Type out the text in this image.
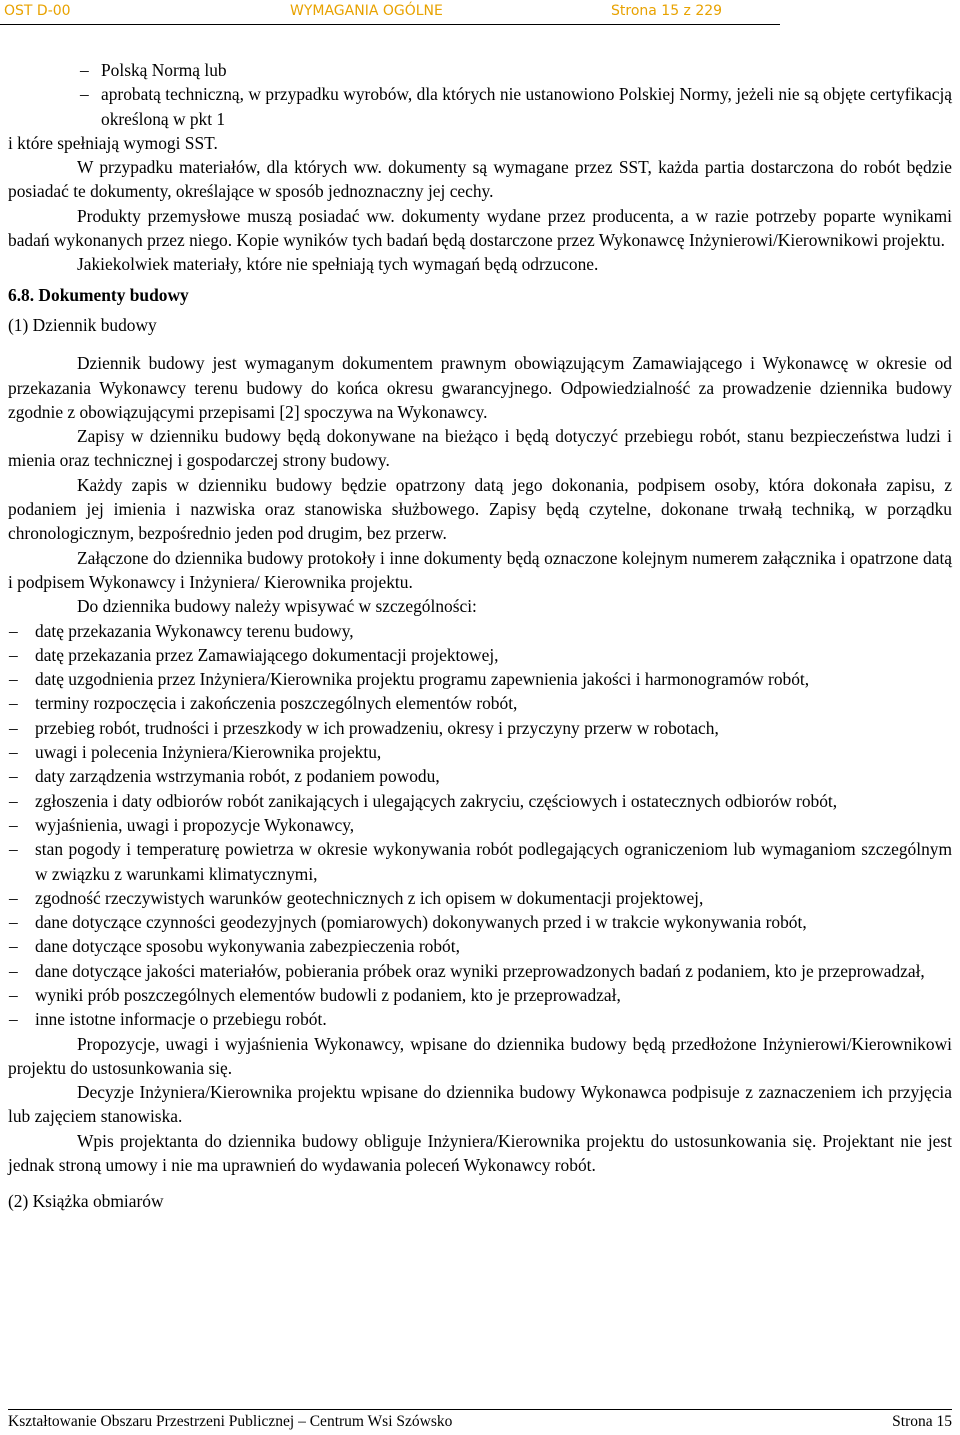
OST D-00	WYMAGANIA OGÓLNE	Strona 15 z 229

– Polską Normą lub

– aprobatą techniczną, w przypadku wyrobów, dla których nie ustanowiono Polskiej Normy, jeżeli nie są objęte certyfikacją określoną w pkt 1

i które spełniają wymogi SST.

W przypadku materiałów, dla których ww. dokumenty są wymagane przez SST, każda partia dostarczona do robót będzie posiadać te dokumenty, określające w sposób jednoznaczny jej cechy.

Produkty przemysłowe muszą posiadać ww. dokumenty wydane przez producenta, a w razie potrzeby poparte wynikami badań wykonanych przez niego. Kopie wyników tych badań będą dostarczone przez Wykonawcę Inżynierowi/Kierownikowi projektu.

Jakiekolwiek materiały, które nie spełniają tych wymagań będą odrzucone.

6.8. Dokumenty budowy

(1) Dziennik budowy

Dziennik budowy jest wymaganym dokumentem prawnym obowiązującym Zamawiającego i Wykonawcę w okresie od przekazania Wykonawcy terenu budowy do końca okresu gwarancyjnego. Odpowiedzialność za prowadzenie dziennika budowy zgodnie z obowiązującymi przepisami [2] spoczywa na Wykonawcy.

Zapisy w dzienniku budowy będą dokonywane na bieżąco i będą dotyczyć przebiegu robót, stanu bezpieczeństwa ludzi i mienia oraz technicznej i gospodarczej strony budowy.

Każdy zapis w dzienniku budowy będzie opatrzony datą jego dokonania, podpisem osoby, która dokonała zapisu, z podaniem jej imienia i nazwiska oraz stanowiska służbowego. Zapisy będą czytelne, dokonane trwałą techniką, w porządku chronologicznym, bezpośrednio jeden pod drugim, bez przerw.

Załączone do dziennika budowy protokoły i inne dokumenty będą oznaczone kolejnym numerem załącznika i opatrzone datą i podpisem Wykonawcy i Inżyniera/ Kierownika projektu.

Do dziennika budowy należy wpisywać w szczególności:

– datę przekazania Wykonawcy terenu budowy,

– datę przekazania przez Zamawiającego dokumentacji projektowej,

– datę uzgodnienia przez Inżyniera/Kierownika projektu programu zapewnienia jakości i harmonogramów robót,

– terminy rozpoczęcia i zakończenia poszczególnych elementów robót,

– przebieg robót, trudności i przeszkody w ich prowadzeniu, okresy i przyczyny przerw w robotach,

– uwagi i polecenia Inżyniera/Kierownika projektu,

– daty zarządzenia wstrzymania robót, z podaniem powodu,

– zgłoszenia i daty odbiorów robót zanikających i ulegających zakryciu, częściowych i ostatecznych odbiorów robót,

– wyjaśnienia, uwagi i propozycje Wykonawcy,

– stan pogody i temperaturę powietrza w okresie wykonywania robót podlegających ograniczeniom lub wymaganiom szczególnym w związku z warunkami klimatycznymi,

– zgodność rzeczywistych warunków geotechnicznych z ich opisem w dokumentacji projektowej,

– dane dotyczące czynności geodezyjnych (pomiarowych) dokonywanych przed i w trakcie wykonywania robót,

– dane dotyczące sposobu wykonywania zabezpieczenia robót,

– dane dotyczące jakości materiałów, pobierania próbek oraz wyniki przeprowadzonych badań z podaniem, kto je przeprowadzał,

– wyniki prób poszczególnych elementów budowli z podaniem, kto je przeprowadzał,

– inne istotne informacje o przebiegu robót.

Propozycje, uwagi i wyjaśnienia Wykonawcy, wpisane do dziennika budowy będą przedłożone Inżynierowi/Kierownikowi projektu do ustosunkowania się.

Decyzje Inżyniera/Kierownika projektu wpisane do dziennika budowy Wykonawca podpisuje z zaznaczeniem ich przyjęcia lub zajęciem stanowiska.

Wpis projektanta do dziennika budowy obliguje Inżyniera/Kierownika projektu do ustosunkowania się. Projektant nie jest jednak stroną umowy i nie ma uprawnień do wydawania poleceń Wykonawcy robót.

(2) Książka obmiarów

Kształtowanie Obszaru Przestrzeni Publicznej – Centrum Wsi Szówsko	Strona 15
